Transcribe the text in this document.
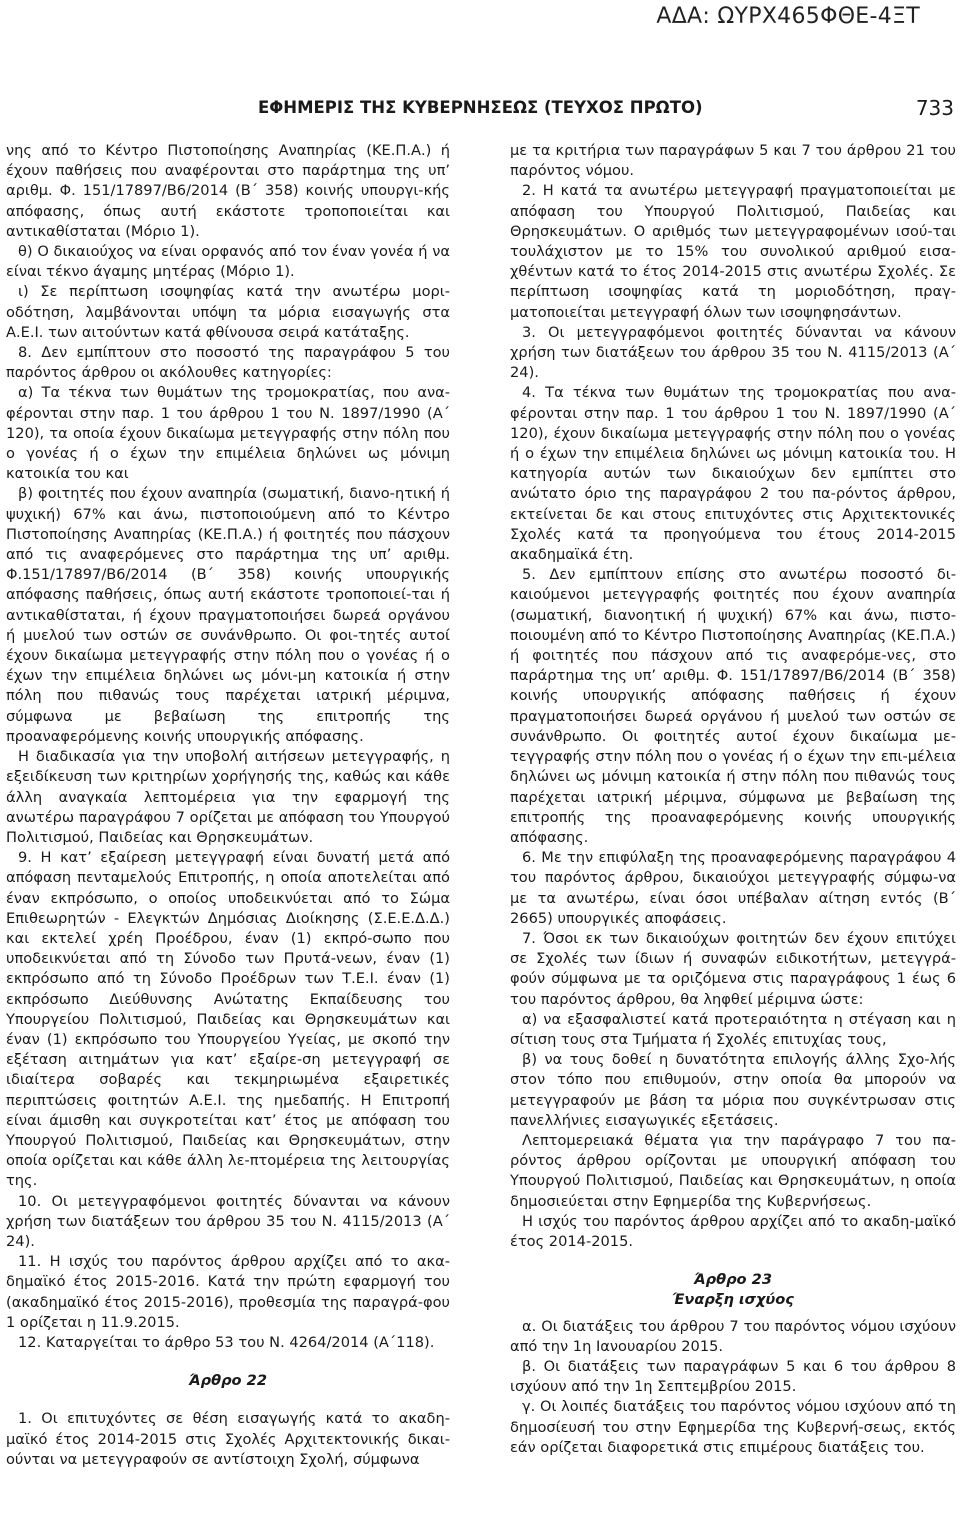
ΑΔΑ: ΩΥΡΧ465ΦΘΕ-4ΞΤ
ΕΦΗΜΕΡΙΣ ΤΗΣ ΚΥΒΕΡΝΗΣΕΩΣ (ΤΕΥΧΟΣ ΠΡΩΤΟ)	733

νης από το Κέντρο Πιστοποίησης Αναπηρίας (ΚΕ.Π.Α.) ή έχουν παθήσεις που αναφέρονται στο παράρτημα της υπ’ αριθμ. Φ. 151/17897/Β6/2014 (Β΄ 358) κοινής υπουργι-κής απόφασης, όπως αυτή εκάστοτε τροποποιείται και αντικαθίσταται (Μόριο 1).

θ) Ο δικαιούχος να είναι ορφανός από τον έναν γονέα ή να είναι τέκνο άγαμης μητέρας (Μόριο 1).

ι) Σε περίπτωση ισοψηφίας κατά την ανωτέρω μορι-οδότηση, λαμβάνονται υπόψη τα μόρια εισαγωγής στα Α.Ε.Ι. των αιτούντων κατά φθίνουσα σειρά κατάταξης.

8. Δεν εμπίπτουν στο ποσοστό της παραγράφου 5 του παρόντος άρθρου οι ακόλουθες κατηγορίες:

α) Τα τέκνα των θυμάτων της τρομοκρατίας, που ανα-φέρονται στην παρ. 1 του άρθρου 1 του Ν. 1897/1990 (Α΄ 120), τα οποία έχουν δικαίωμα μετεγγραφής στην πόλη που ο γονέας ή ο έχων την επιμέλεια δηλώνει ως μόνιμη κατοικία του και

β) φοιτητές που έχουν αναπηρία (σωματική, διανο-ητική ή ψυχική) 67% και άνω, πιστοποιούμενη από το Κέντρο Πιστοποίησης Αναπηρίας (ΚΕ.Π.Α.) ή φοιτητές που πάσχουν από τις αναφερόμενες στο παράρτημα της υπ’ αριθμ. Φ.151/17897/Β6/2014 (Β΄ 358) κοινής υπουργικής απόφασης παθήσεις, όπως αυτή εκάστοτε τροποποιεί-ται ή αντικαθίσταται, ή έχουν πραγματοποιήσει δωρεά οργάνου ή μυελού των οστών σε συνάνθρωπο. Οι φοι-τητές αυτοί έχουν δικαίωμα μετεγγραφής στην πόλη που ο γονέας ή ο έχων την επιμέλεια δηλώνει ως μόνι-μη κατοικία ή στην πόλη που πιθανώς τους παρέχεται ιατρική μέριμνα, σύμφωνα με βεβαίωση της επιτροπής της προαναφερόμενης κοινής υπουργικής απόφασης.

Η διαδικασία για την υποβολή αιτήσεων μετεγγραφής, η εξειδίκευση των κριτηρίων χορήγησής της, καθώς και κάθε άλλη αναγκαία λεπτομέρεια για την εφαρμογή της ανωτέρω παραγράφου 7 ορίζεται με απόφαση του Υπουργού Πολιτισμού, Παιδείας και Θρησκευμάτων.

9. Η κατ’ εξαίρεση μετεγγραφή είναι δυνατή μετά από απόφαση πενταμελούς Επιτροπής, η οποία αποτελείται από έναν εκπρόσωπο, ο οποίος υποδεικνύεται από το Σώμα Επιθεωρητών - Ελεγκτών Δημόσιας Διοίκησης (Σ.Ε.Ε.Δ.Δ.) και εκτελεί χρέη Προέδρου, έναν (1) εκπρό-σωπο που υποδεικνύεται από τη Σύνοδο των Πρυτά-νεων, έναν (1) εκπρόσωπο από τη Σύνοδο Προέδρων των Τ.Ε.Ι. έναν (1) εκπρόσωπο Διεύθυνσης Ανώτατης Εκπαίδευσης του Υπουργείου Πολιτισμού, Παιδείας και Θρησκευμάτων και έναν (1) εκπρόσωπο του Υπουργείου Υγείας, με σκοπό την εξέταση αιτημάτων για κατ’ εξαίρε-ση μετεγγραφή σε ιδιαίτερα σοβαρές και τεκμηριωμένα εξαιρετικές περιπτώσεις φοιτητών Α.Ε.Ι. της ημεδαπής. Η Επιτροπή είναι άμισθη και συγκροτείται κατ’ έτος με απόφαση του Υπουργού Πολιτισμού, Παιδείας και Θρησκευμάτων, στην οποία ορίζεται και κάθε άλλη λε-πτομέρεια της λειτουργίας της.

10. Οι μετεγγραφόμενοι φοιτητές δύνανται να κάνουν χρήση των διατάξεων του άρθρου 35 του Ν. 4115/2013 (Α΄ 24).

11. Η ισχύς του παρόντος άρθρου αρχίζει από το ακα-δημαϊκό έτος 2015-2016. Κατά την πρώτη εφαρμογή του (ακαδημαϊκό έτος 2015-2016), προθεσμία της παραγρά-φου 1 ορίζεται η 11.9.2015.

12. Καταργείται το άρθρο 53 του Ν. 4264/2014 (Α΄118).

Άρθρο 22

1. Οι επιτυχόντες σε θέση εισαγωγής κατά το ακαδη-μαϊκό έτος 2014-2015 στις Σχολές Αρχιτεκτονικής δικαι-ούνται να μετεγγραφούν σε αντίστοιχη Σχολή, σύμφωνα

με τα κριτήρια των παραγράφων 5 και 7 του άρθρου 21 του παρόντος νόμου.

2. Η κατά τα ανωτέρω μετεγγραφή πραγματοποιείται με απόφαση του Υπουργού Πολιτισμού, Παιδείας και Θρησκευμάτων. Ο αριθμός των μετεγγραφομένων ισού-ται τουλάχιστον με το 15% του συνολικού αριθμού εισα-χθέντων κατά το έτος 2014-2015 στις ανωτέρω Σχολές. Σε περίπτωση ισοψηφίας κατά τη μοριοδότηση, πραγ-ματοποιείται μετεγγραφή όλων των ισοψηφησάντων.

3. Οι μετεγγραφόμενοι φοιτητές δύνανται να κάνουν χρήση των διατάξεων του άρθρου 35 του Ν. 4115/2013 (Α΄ 24).

4. Τα τέκνα των θυμάτων της τρομοκρατίας που ανα-φέρονται στην παρ. 1 του άρθρου 1 του Ν. 1897/1990 (Α΄ 120), έχουν δικαίωμα μετεγγραφής στην πόλη που ο γονέας ή ο έχων την επιμέλεια δηλώνει ως μόνιμη κατοικία του. Η κατηγορία αυτών των δικαιούχων δεν εμπίπτει στο ανώτατο όριο της παραγράφου 2 του πα-ρόντος άρθρου, εκτείνεται δε και στους επιτυχόντες στις Αρχιτεκτονικές Σχολές κατά τα προηγούμενα του έτους 2014-2015 ακαδημαϊκά έτη.

5. Δεν εμπίπτουν επίσης στο ανωτέρω ποσοστό δι-καιούμενοι μετεγγραφής φοιτητές που έχουν αναπηρία (σωματική, διανοητική ή ψυχική) 67% και άνω, πιστο-ποιουμένη από το Κέντρο Πιστοποίησης Αναπηρίας (ΚΕ.Π.Α.) ή φοιτητές που πάσχουν από τις αναφερόμε-νες, στο παράρτημα της υπ’ αριθμ. Φ. 151/17897/Β6/2014 (Β΄ 358) κοινής υπουργικής απόφασης παθήσεις ή έχουν πραγματοποιήσει δωρεά οργάνου ή μυελού των οστών σε συνάνθρωπο. Οι φοιτητές αυτοί έχουν δικαίωμα με-τεγγραφής στην πόλη που ο γονέας ή ο έχων την επι-μέλεια δηλώνει ως μόνιμη κατοικία ή στην πόλη που πιθανώς τους παρέχεται ιατρική μέριμνα, σύμφωνα με βεβαίωση της επιτροπής της προαναφερόμενης κοινής υπουργικής απόφασης.

6. Με την επιφύλαξη της προαναφερόμενης παραγράφου 4 του παρόντος άρθρου, δικαιούχοι μετεγγραφής σύμφω-να με τα ανωτέρω, είναι όσοι υπέβαλαν αίτηση εντός (Β΄ 2665) υπουργικές αποφάσεις.

7. Όσοι εκ των δικαιούχων φοιτητών δεν έχουν επιτύχει σε Σχολές των ίδιων ή συναφών ειδικοτήτων, μετεγγρά-φούν σύμφωνα με τα οριζόμενα στις παραγράφους 1 έως 6 του παρόντος άρθρου, θα ληφθεί μέριμνα ώστε:

α) να εξασφαλιστεί κατά προτεραιότητα η στέγαση και η σίτιση τους στα Τμήματα ή Σχολές επιτυχίας τους,

β) να τους δοθεί η δυνατότητα επιλογής άλλης Σχο-λής στον τόπο που επιθυμούν, στην οποία θα μπορούν να μετεγγραφούν με βάση τα μόρια που συγκέντρωσαν στις πανελλήνιες εισαγωγικές εξετάσεις.

Λεπτομερειακά θέματα για την παράγραφο 7 του πα-ρόντος άρθρου ορίζονται με υπουργική απόφαση του Υπουργού Πολιτισμού, Παιδείας και Θρησκευμάτων, η οποία δημοσιεύεται στην Εφημερίδα της Κυβερνήσεως.

Η ισχύς του παρόντος άρθρου αρχίζει από το ακαδη-μαϊκό έτος 2014-2015.

Άρθρο 23

Έναρξη ισχύος

α. Οι διατάξεις του άρθρου 7 του παρόντος νόμου ισχύουν από την 1η Ιανουαρίου 2015.

β. Οι διατάξεις των παραγράφων 5 και 6 του άρθρου 8 ισχύουν από την 1η Σεπτεμβρίου 2015.

γ. Οι λοιπές διατάξεις του παρόντος νόμου ισχύουν από τη δημοσίευσή του στην Εφημερίδα της Κυβερνή-σεως, εκτός εάν ορίζεται διαφορετικά στις επιμέρους διατάξεις του.
